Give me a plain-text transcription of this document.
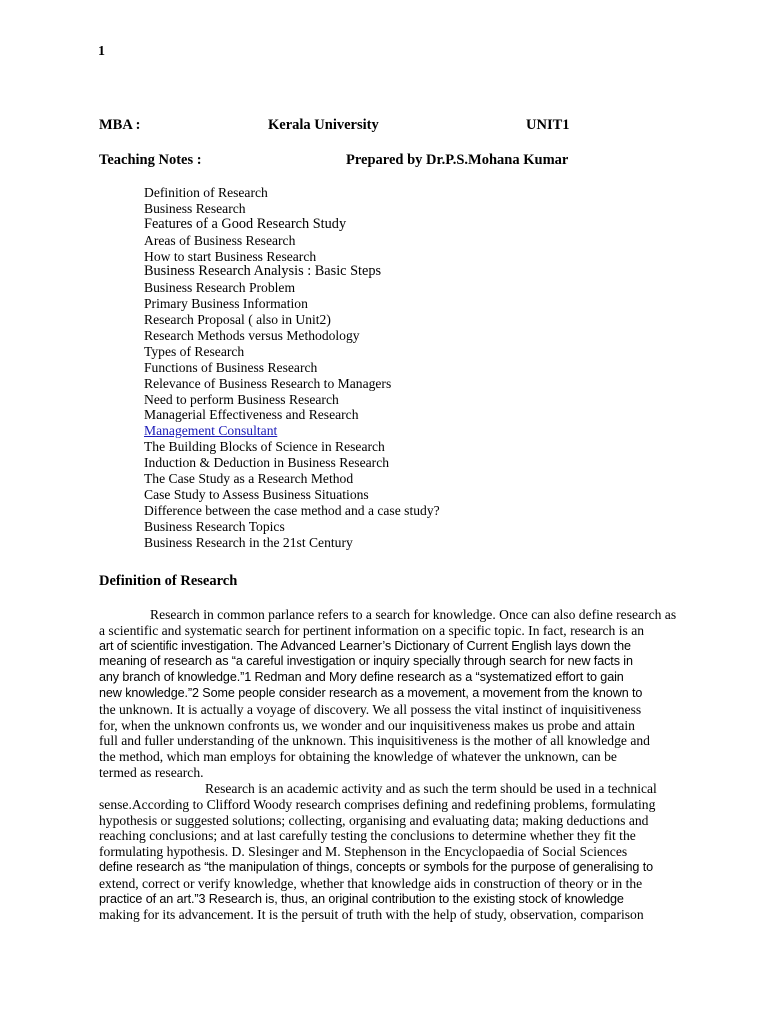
1
MBA :	Kerala University	UNIT1
Teaching Notes :	Prepared by Dr.P.S.Mohana Kumar
Definition of Research
Business Research
Features of a Good Research Study
Areas of Business Research
How to start Business Research
Business Research Analysis : Basic Steps
Business Research Problem
Primary Business Information
Research Proposal ( also in Unit2)
Research Methods versus Methodology
Types of Research
Functions of Business Research
Relevance of Business Research to Managers
Need to perform Business Research
Managerial Effectiveness and Research
Management Consultant
The Building Blocks of Science in Research
Induction & Deduction in Business Research
The Case Study as a Research Method
Case Study to Assess Business Situations
Difference between the case method and a case study?
Business Research Topics
Business Research in the 21st Century
Definition of Research
Research in common parlance refers to a search for knowledge. Once can also define research as
a scientific and systematic search for pertinent information on a specific topic. In fact, research is an
art of scientific investigation. The Advanced Learner’s Dictionary of Current English lays down the
meaning of research as “a careful investigation or inquiry specially through search for new facts in
any branch of knowledge.”1 Redman and Mory define research as a “systematized effort to gain
new knowledge.”2 Some people consider research as a movement, a movement from the known to
the unknown. It is actually a voyage of discovery. We all possess the vital instinct of inquisitiveness
for, when the unknown confronts us, we wonder and our inquisitiveness makes us probe and attain
full and fuller understanding of the unknown. This inquisitiveness is the mother of all knowledge and
the method, which man employs for obtaining the knowledge of whatever the unknown, can be
termed as research.
Research is an academic activity and as such the term should be used in a technical
sense.According to Clifford Woody research comprises defining and redefining problems, formulating
hypothesis or suggested solutions; collecting, organising and evaluating data; making deductions and
reaching conclusions; and at last carefully testing the conclusions to determine whether they fit the
formulating hypothesis. D. Slesinger and M. Stephenson in the Encyclopaedia of Social Sciences
define research as “the manipulation of things, concepts or symbols for the purpose of generalising to
extend, correct or verify knowledge, whether that knowledge aids in construction of theory or in the
practice of an art.”3 Research is, thus, an original contribution to the existing stock of knowledge
making for its advancement. It is the persuit of truth with the help of study, observation, comparison
